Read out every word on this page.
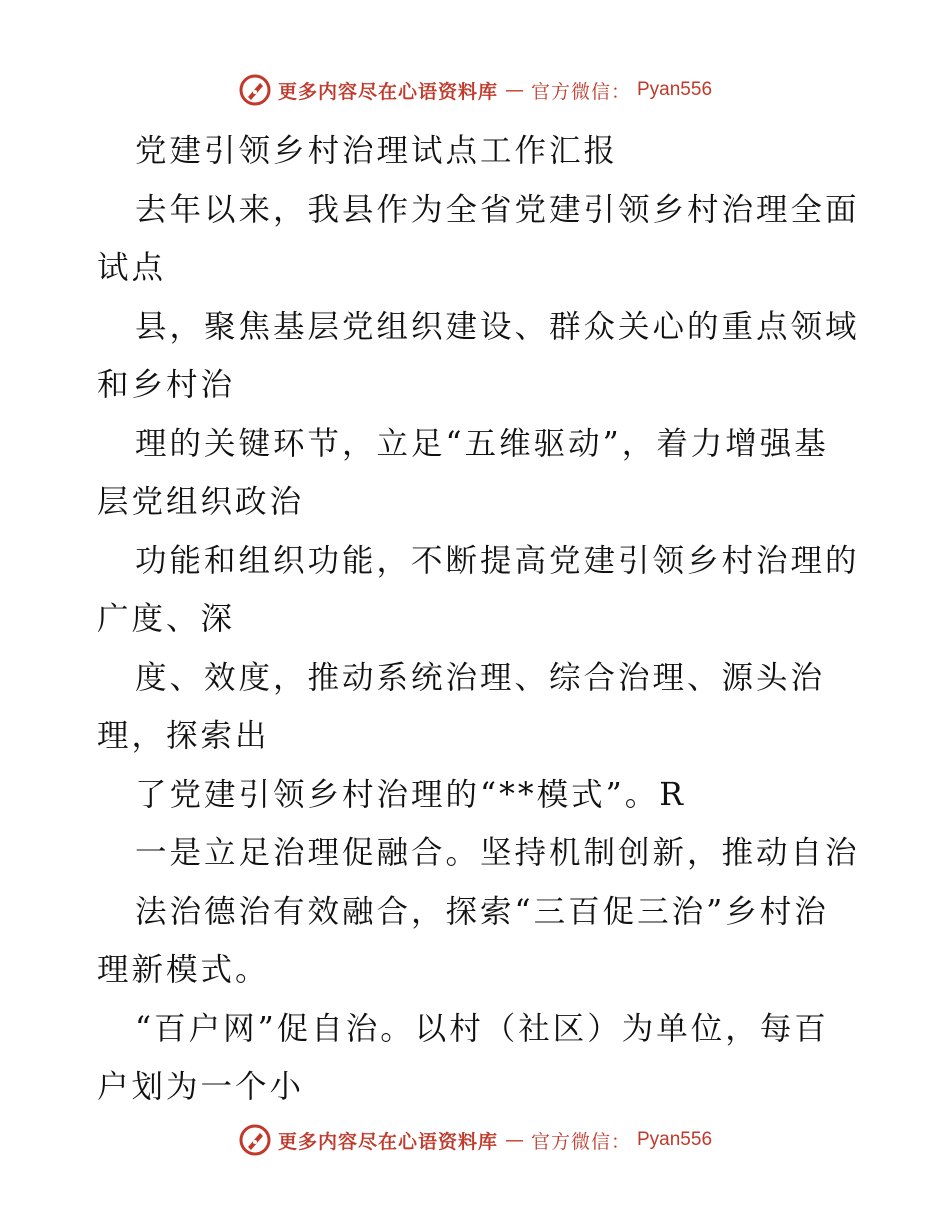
更多内容尽在心语资料库 — 官方微信： Pyan556
党建引领乡村治理试点工作汇报
去年以来，我县作为全省党建引领乡村治理全面
试点
县，聚焦基层党组织建设、群众关心的重点领域
和乡村治
理的关键环节，立足“五维驱动”，着力增强基
层党组织政治
功能和组织功能，不断提高党建引领乡村治理的
广度、深
度、效度，推动系统治理、综合治理、源头治
理，探索出
了党建引领乡村治理的“**模式”。R
一是立足治理促融合。坚持机制创新，推动自治
法治德治有效融合，探索“三百促三治”乡村治
理新模式。
“百户网”促自治。以村（社区）为单位，每百
户划为一个小
更多内容尽在心语资料库 — 官方微信： Pyan556
